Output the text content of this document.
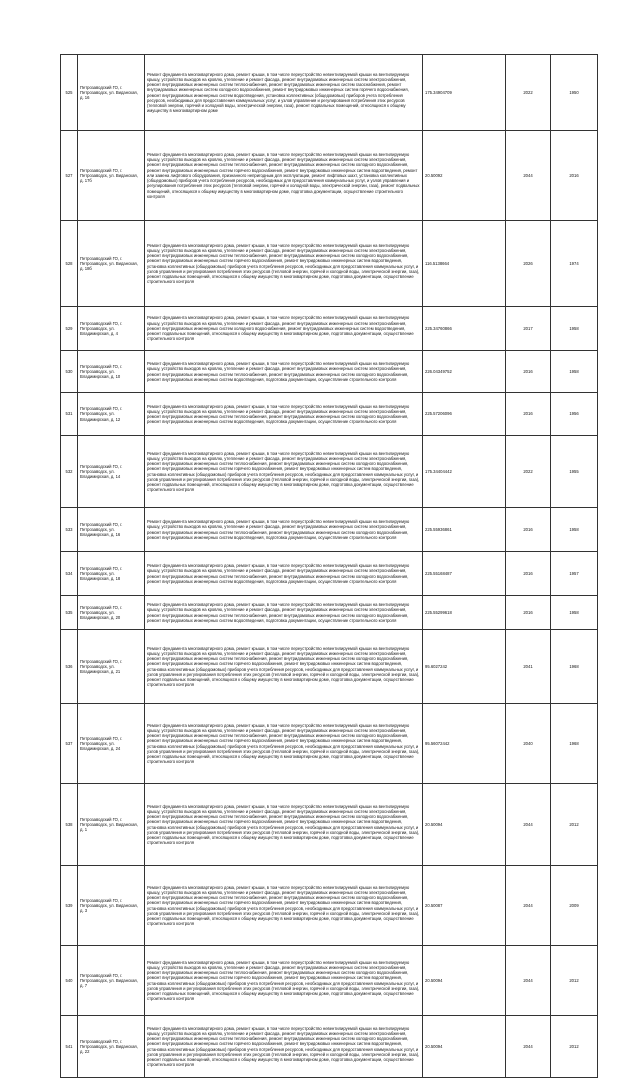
525	Петрозаводский ГО, г. Петрозаводск, ул. Виданская, д. 16	Ремонт фундамента многоквартирного дома, ремонт крыши, в том числе переустройство невентилируемой крыши на вентилируемую крышу, устройство выходов на кровлю, утепление и ремонт фасада, ремонт внутридомовых инженерных систем электроснабжения, ремонт внутридомовых инженерных систем теплоснабжения, ремонт внутридомовых инженерных систем газоснабжения, ремонт внутридомовых инженерных систем холодного водоснабжения, ремонт внутридомовых инженерных систем горячего водоснабжения, ремонт внутридомовых инженерных систем водоотведения, установка коллективных (общедомовых) приборов учета потребления ресурсов, необходимых для предоставления коммунальных услуг, и узлов управления и регулирования потребления этих ресурсов (тепловой энергии, горячей и холодной воды, электрической энергии, газа), ремонт подвальных помещений, относящихся к общему имуществу в многоквартирном доме	175.34904709	2022	1950
527	Петрозаводский ГО, г. Петрозаводск, ул. Виданская, д. 17б	Ремонт фундамента многоквартирного дома, ремонт крыши, в том числе переустройство невентилируемой крыши на вентилируемую крышу, устройство выходов на кровлю, утепление и ремонт фасада, ремонт внутридомовых инженерных систем электроснабжения, ремонт внутридомовых инженерных систем теплоснабжения, ремонт внутридомовых инженерных систем холодного водоснабжения, ремонт внутридомовых инженерных систем горячего водоснабжения, ремонт внутридомовых инженерных систем водоотведения, ремонт или замена лифтового оборудования, признанного непригодным для эксплуатации, ремонт лифтовых шахт, установка коллективных (общедомовых) приборов учета потребления ресурсов, необходимых для предоставления коммунальных услуг, и узлов управления и регулирования потребления этих ресурсов (тепловой энергии, горячей и холодной воды, электрической энергии, газа), ремонт подвальных помещений, относящихся к общему имуществу в многоквартирном доме, подготовка документации, осуществление строительного контроля	20.50092	2044	2016
528	Петрозаводский ГО, г. Петрозаводск, ул. Виданская, д. 18б	Ремонт фундамента многоквартирного дома, ремонт крыши, в том числе переустройство невентилируемой крыши на вентилируемую крышу, устройство выходов на кровлю, утепление и ремонт фасада, ремонт внутридомовых инженерных систем электроснабжения, ремонт внутридомовых инженерных систем теплоснабжения, ремонт внутридомовых инженерных систем холодного водоснабжения, ремонт внутридомовых инженерных систем горячего водоснабжения, ремонт внутридомовых инженерных систем водоотведения, установка коллективных (общедомовых) приборов учета потребления ресурсов, необходимых для предоставления коммунальных услуг, и узлов управления и регулирования потребления этих ресурсов (тепловой энергии, горячей и холодной воды, электрической энергии, газа), ремонт подвальных помещений, относящихся к общему имуществу в многоквартирном доме, подготовка документации, осуществление строительного контроля	116.5138664	2026	1974
529	Петрозаводский ГО, г. Петрозаводск, ул. Владимирская, д. 4	Ремонт фундамента многоквартирного дома, ремонт крыши, в том числе переустройство невентилируемой крыши на вентилируемую крышу, устройство выходов на кровлю, утепление и ремонт фасада, ремонт внутридомовых инженерных систем электроснабжения, ремонт внутридомовых инженерных систем холодного водоснабжения, ремонт внутридомовых инженерных систем водоотведения, ремонт подвальных помещений, относящихся к общему имуществу в многоквартирном доме, подготовка документации, осуществление строительного контроля	225.34760866	2017	1958
530	Петрозаводский ГО, г. Петрозаводск, ул. Владимирская, д. 10	Ремонт фундамента многоквартирного дома, ремонт крыши, в том числе переустройство невентилируемой крыши на вентилируемую крышу, устройство выходов на кровлю, утепление и ремонт фасада, ремонт внутридомовых инженерных систем электроснабжения, ремонт внутридомовых инженерных систем теплоснабжения, ремонт внутридомовых инженерных систем холодного водоснабжения, ремонт внутридомовых инженерных систем водоотведения, подготовка документации, осуществление строительного контроля	226.04349752	2016	1958
531	Петрозаводский ГО, г. Петрозаводск, ул. Владимирская, д. 12	Ремонт фундамента многоквартирного дома, ремонт крыши, в том числе переустройство невентилируемой крыши на вентилируемую крышу, устройство выходов на кровлю, утепление и ремонт фасада, ремонт внутридомовых инженерных систем электроснабжения, ремонт внутридомовых инженерных систем теплоснабжения, ремонт внутридомовых инженерных систем холодного водоснабжения, ремонт внутридомовых инженерных систем водоотведения, подготовка документации, осуществление строительного контроля	225.57206096	2016	1956
532	Петрозаводский ГО, г. Петрозаводск, ул. Владимирская, д. 14	Ремонт фундамента многоквартирного дома, ремонт крыши, в том числе переустройство невентилируемой крыши на вентилируемую крышу, устройство выходов на кровлю, утепление и ремонт фасада, ремонт внутридомовых инженерных систем электроснабжения, ремонт внутридомовых инженерных систем теплоснабжения, ремонт внутридомовых инженерных систем холодного водоснабжения, ремонт внутридомовых инженерных систем горячего водоснабжения, ремонт внутридомовых инженерных систем водоотведения, установка коллективных (общедомовых) приборов учета потребления ресурсов, необходимых для предоставления коммунальных услуг, и узлов управления и регулирования потребления этих ресурсов (тепловой энергии, горячей и холодной воды, электрической энергии, газа), ремонт подвальных помещений, относящихся к общему имуществу в многоквартирном доме, подготовка документации, осуществление строительного контроля	175.34404442	2022	1955
533	Петрозаводский ГО, г. Петрозаводск, ул. Владимирская, д. 16	Ремонт фундамента многоквартирного дома, ремонт крыши, в том числе переустройство невентилируемой крыши на вентилируемую крышу, устройство выходов на кровлю, утепление и ремонт фасада, ремонт внутридомовых инженерных систем электроснабжения, ремонт внутридомовых инженерных систем теплоснабжения, ремонт внутридомовых инженерных систем холодного водоснабжения, ремонт внутридомовых инженерных систем водоотведения, подготовка документации, осуществление строительного контроля	225.55936861	2016	1958
534	Петрозаводский ГО, г. Петрозаводск, ул. Владимирская, д. 18	Ремонт фундамента многоквартирного дома, ремонт крыши, в том числе переустройство невентилируемой крыши на вентилируемую крышу, устройство выходов на кровлю, утепление и ремонт фасада, ремонт внутридомовых инженерных систем электроснабжения, ремонт внутридомовых инженерных систем теплоснабжения, ремонт внутридомовых инженерных систем холодного водоснабжения, ремонт внутридомовых инженерных систем водоотведения, подготовка документации, осуществление строительного контроля	225.55168487	2016	1957
535	Петрозаводский ГО, г. Петрозаводск, ул. Владимирская, д. 20	Ремонт фундамента многоквартирного дома, ремонт крыши, в том числе переустройство невентилируемой крыши на вентилируемую крышу, устройство выходов на кровлю, утепление и ремонт фасада, ремонт внутридомовых инженерных систем электроснабжения, ремонт внутридомовых инженерных систем теплоснабжения, ремонт внутридомовых инженерных систем холодного водоснабжения, ремонт внутридомовых инженерных систем водоотведения, подготовка документации, осуществление строительного контроля	225.55299618	2016	1958
536	Петрозаводский ГО, г. Петрозаводск, ул. Владимирская, д. 21	Ремонт фундамента многоквартирного дома, ремонт крыши, в том числе переустройство невентилируемой крыши на вентилируемую крышу, устройство выходов на кровлю, утепление и ремонт фасада, ремонт внутридомовых инженерных систем электроснабжения, ремонт внутридомовых инженерных систем теплоснабжения, ремонт внутридомовых инженерных систем холодного водоснабжения, ремонт внутридомовых инженерных систем горячего водоснабжения, ремонт внутридомовых инженерных систем водоотведения, установка коллективных (общедомовых) приборов учета потребления ресурсов, необходимых для предоставления коммунальных услуг, и узлов управления и регулирования потребления этих ресурсов (тепловой энергии, горячей и холодной воды, электрической энергии, газа), ремонт подвальных помещений, относящихся к общему имуществу в многоквартирном доме, подготовка документации, осуществление строительного контроля	95.6027242	2041	1968
537	Петрозаводский ГО, г. Петрозаводск, ул. Владимирская, д. 24	Ремонт фундамента многоквартирного дома, ремонт крыши, в том числе переустройство невентилируемой крыши на вентилируемую крышу, устройство выходов на кровлю, утепление и ремонт фасада, ремонт внутридомовых инженерных систем электроснабжения, ремонт внутридомовых инженерных систем теплоснабжения, ремонт внутридомовых инженерных систем холодного водоснабжения, ремонт внутридомовых инженерных систем горячего водоснабжения, ремонт внутридомовых инженерных систем водоотведения, установка коллективных (общедомовых) приборов учета потребления ресурсов, необходимых для предоставления коммунальных услуг, и узлов управления и регулирования потребления этих ресурсов (тепловой энергии, горячей и холодной воды, электрической энергии, газа), ремонт подвальных помещений, относящихся к общему имуществу в многоквартирном доме, подготовка документации, осуществление строительного контроля	95.56072442	2040	1968
538	Петрозаводский ГО, г. Петрозаводск, ул. Виданская, д. 1	Ремонт фундамента многоквартирного дома, ремонт крыши, в том числе переустройство невентилируемой крыши на вентилируемую крышу, устройство выходов на кровлю, утепление и ремонт фасада, ремонт внутридомовых инженерных систем электроснабжения, ремонт внутридомовых инженерных систем теплоснабжения, ремонт внутридомовых инженерных систем холодного водоснабжения, ремонт внутридомовых инженерных систем горячего водоснабжения, ремонт внутридомовых инженерных систем водоотведения, установка коллективных (общедомовых) приборов учета потребления ресурсов, необходимых для предоставления коммунальных услуг, и узлов управления и регулирования потребления этих ресурсов (тепловой энергии, горячей и холодной воды, электрической энергии, газа), ремонт подвальных помещений, относящихся к общему имуществу в многоквартирном доме, подготовка документации, осуществление строительного контроля	20.50094	2044	2012
539	Петрозаводский ГО, г. Петрозаводск, ул. Виданская, д. 3	Ремонт фундамента многоквартирного дома, ремонт крыши, в том числе переустройство невентилируемой крыши на вентилируемую крышу, устройство выходов на кровлю, утепление и ремонт фасада, ремонт внутридомовых инженерных систем электроснабжения, ремонт внутридомовых инженерных систем теплоснабжения, ремонт внутридомовых инженерных систем холодного водоснабжения, ремонт внутридомовых инженерных систем горячего водоснабжения, ремонт внутридомовых инженерных систем водоотведения, установка коллективных (общедомовых) приборов учета потребления ресурсов, необходимых для предоставления коммунальных услуг, и узлов управления и регулирования потребления этих ресурсов (тепловой энергии, горячей и холодной воды, электрической энергии, газа), ремонт подвальных помещений, относящихся к общему имуществу в многоквартирном доме, подготовка документации, осуществление строительного контроля	20.50087	2044	2009
540	Петрозаводский ГО, г. Петрозаводск, ул. Виданская, д. 7	Ремонт фундамента многоквартирного дома, ремонт крыши, в том числе переустройство невентилируемой крыши на вентилируемую крышу, устройство выходов на кровлю, утепление и ремонт фасада, ремонт внутридомовых инженерных систем электроснабжения, ремонт внутридомовых инженерных систем теплоснабжения, ремонт внутридомовых инженерных систем холодного водоснабжения, ремонт внутридомовых инженерных систем горячего водоснабжения, ремонт внутридомовых инженерных систем водоотведения, установка коллективных (общедомовых) приборов учета потребления ресурсов, необходимых для предоставления коммунальных услуг, и узлов управления и регулирования потребления этих ресурсов (тепловой энергии, горячей и холодной воды, электрической энергии, газа), ремонт подвальных помещений, относящихся к общему имуществу в многоквартирном доме, подготовка документации, осуществление строительного контроля	20.50094	2044	2012
541	Петрозаводский ГО, г. Петрозаводск, ул. Виданская, д. 22	Ремонт фундамента многоквартирного дома, ремонт крыши, в том числе переустройство невентилируемой крыши на вентилируемую крышу, устройство выходов на кровлю, утепление и ремонт фасада, ремонт внутридомовых инженерных систем электроснабжения, ремонт внутридомовых инженерных систем теплоснабжения, ремонт внутридомовых инженерных систем холодного водоснабжения, ремонт внутридомовых инженерных систем горячего водоснабжения, ремонт внутридомовых инженерных систем водоотведения, установка коллективных (общедомовых) приборов учета потребления ресурсов, необходимых для предоставления коммунальных услуг, и узлов управления и регулирования потребления этих ресурсов (тепловой энергии, горячей и холодной воды, электрической энергии, газа), ремонт подвальных помещений, относящихся к общему имуществу в многоквартирном доме, подготовка документации, осуществление строительного контроля	20.50094	2044	2012
